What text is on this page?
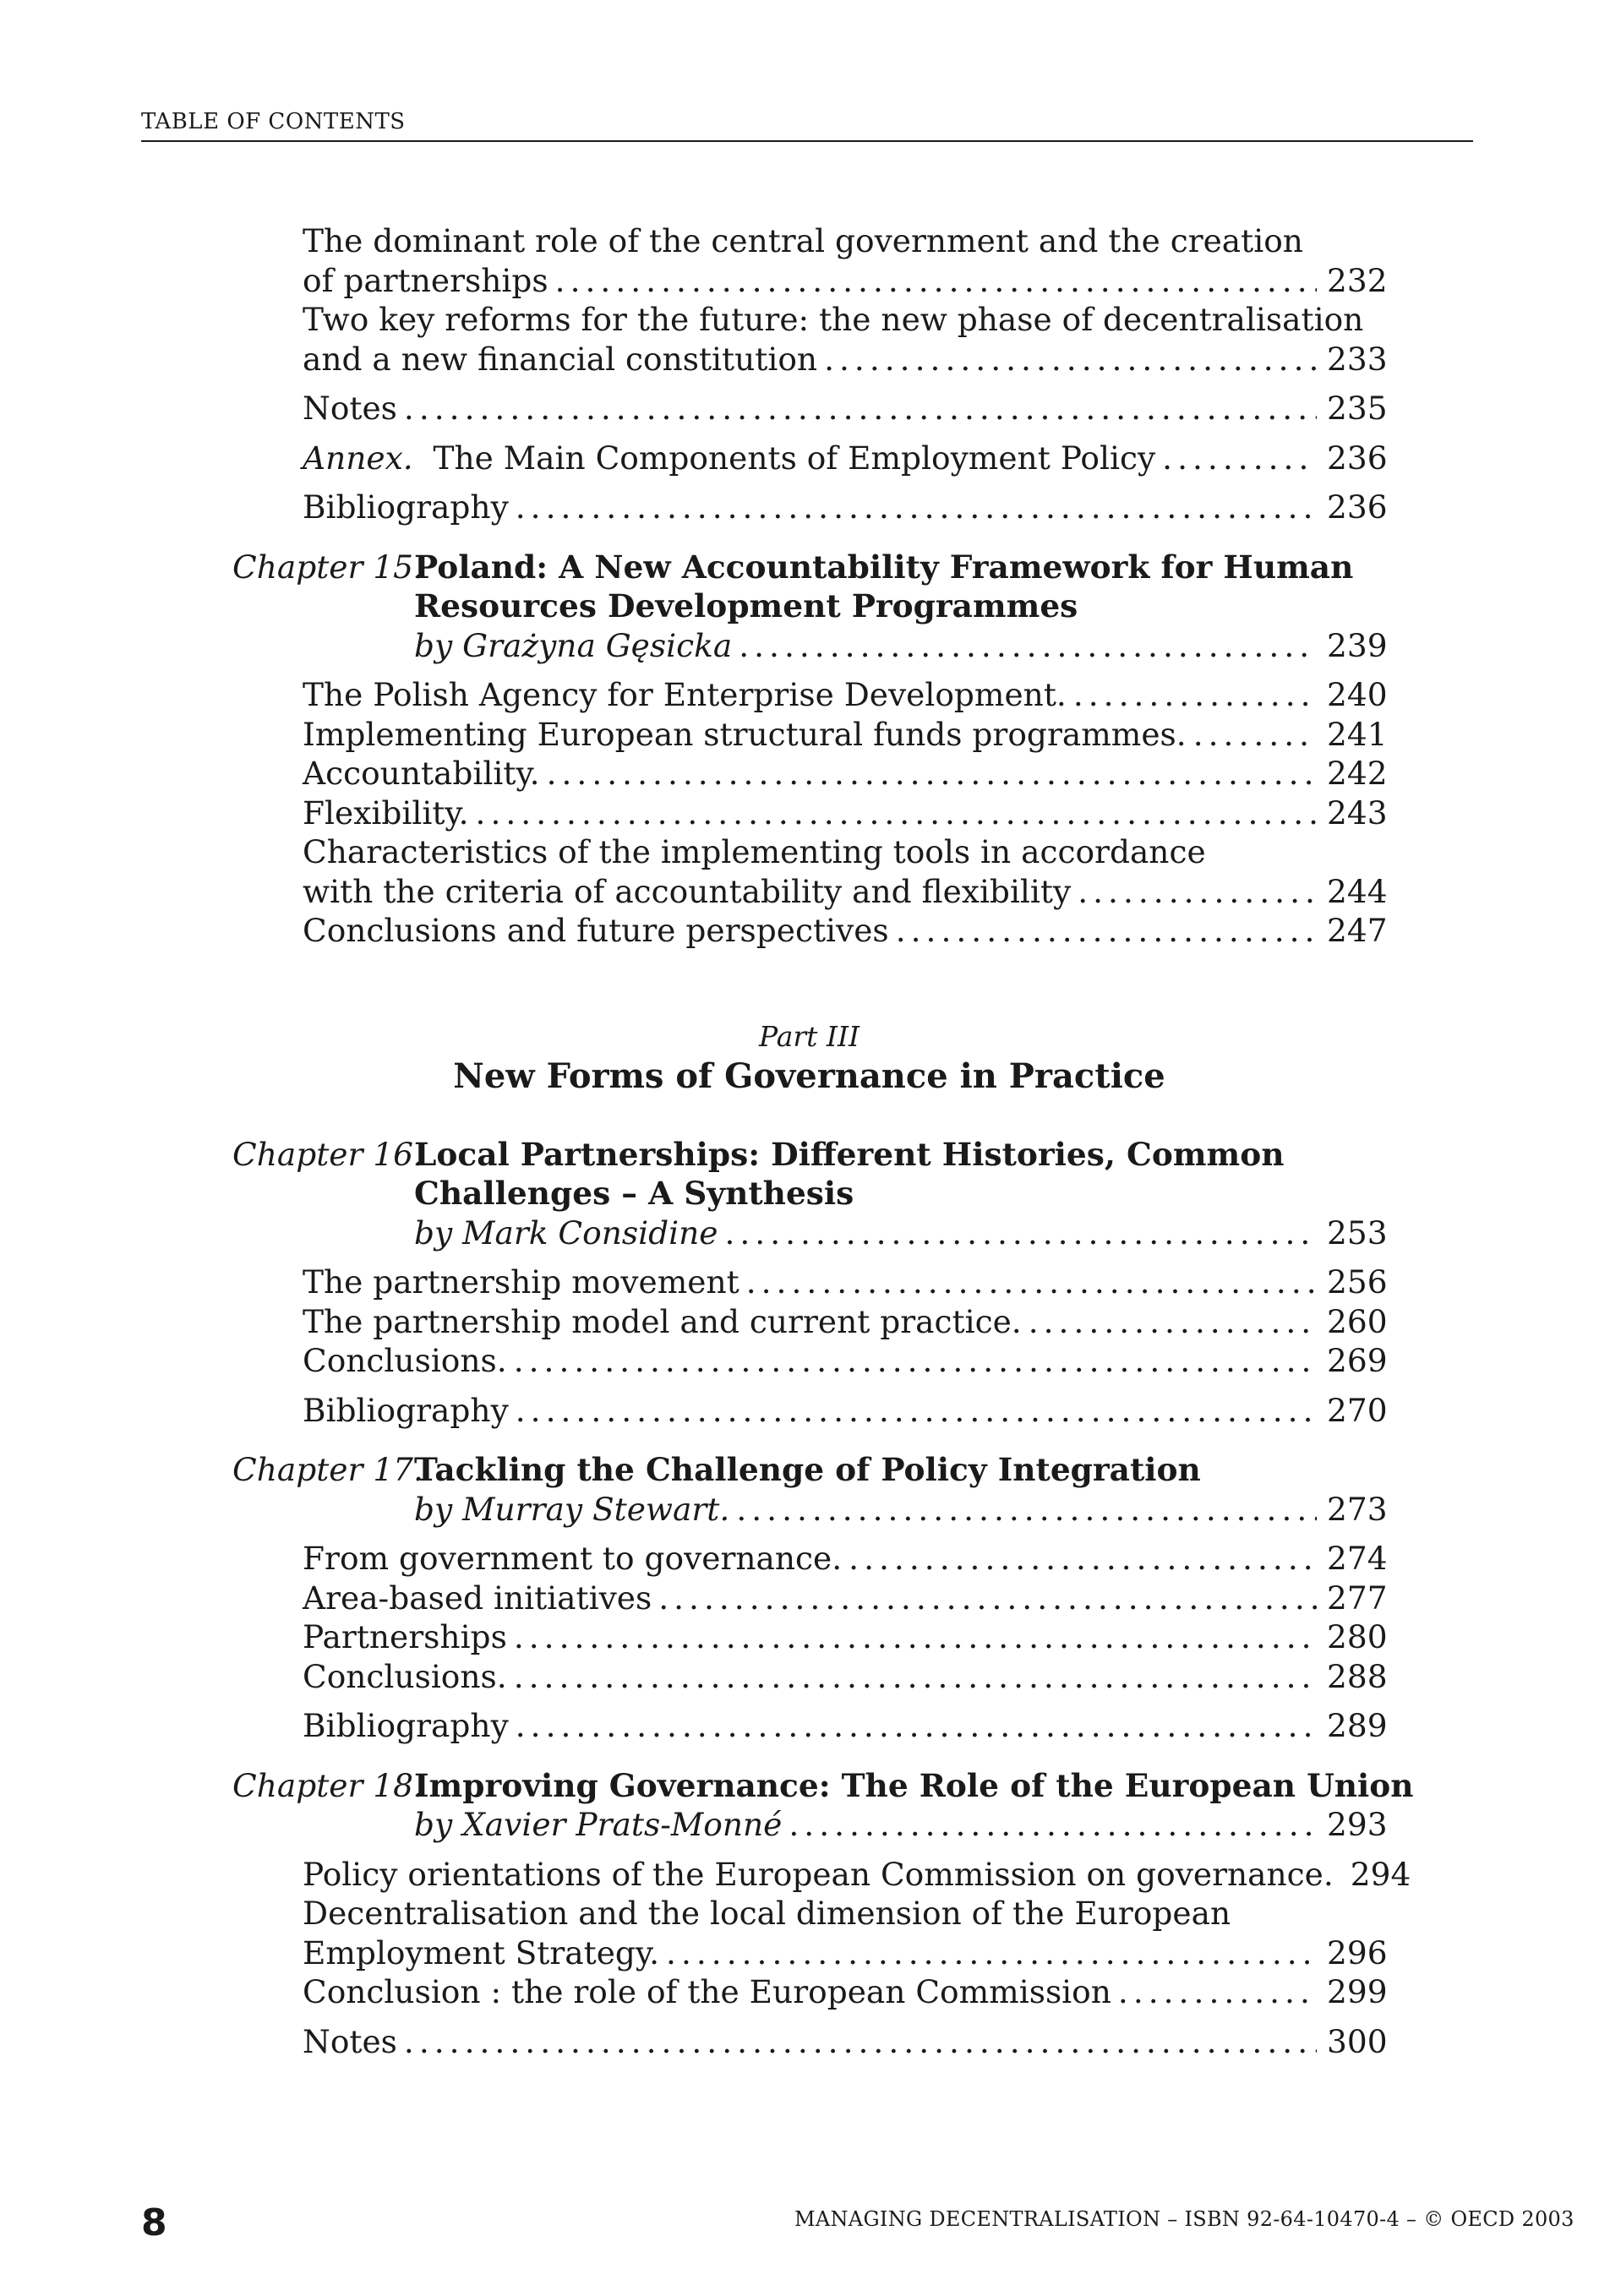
TABLE OF CONTENTS
The dominant role of the central government and the creation
of partnerships .....	232
Two key reforms for the future: the new phase of decentralisation
and a new financial constitution .....	233
Notes .....	235
Annex. The Main Components of Employment Policy .....	236
Bibliography .....	236
Chapter 15.
Poland: A New Accountability Framework for Human
Resources Development Programmes
by Grażyna Gęsicka .....	239
The Polish Agency for Enterprise Development. .....	240
Implementing European structural funds programmes. .....	241
Accountability. .....	242
Flexibility. .....	243
Characteristics of the implementing tools in accordance
with the criteria of accountability and flexibility .....	244
Conclusions and future perspectives .....	247
Part III
New Forms of Governance in Practice
Chapter 16.
Local Partnerships: Different Histories, Common
Challenges – A Synthesis
by Mark Considine .....	253
The partnership movement .....	256
The partnership model and current practice. .....	260
Conclusions. .....	269
Bibliography .....	270
Chapter 17.
Tackling the Challenge of Policy Integration
by Murray Stewart. .....	273
From government to governance. .....	274
Area-based initiatives .....	277
Partnerships .....	280
Conclusions. .....	288
Bibliography .....	289
Chapter 18.
Improving Governance: The Role of the European Union
by Xavier Prats-Monné .....	293
Policy orientations of the European Commission on governance. 294
Decentralisation and the local dimension of the European
Employment Strategy. .....	296
Conclusion : the role of the European Commission .....	299
Notes .....	300
8	MANAGING DECENTRALISATION – ISBN 92-64-10470-4 – © OECD 2003
